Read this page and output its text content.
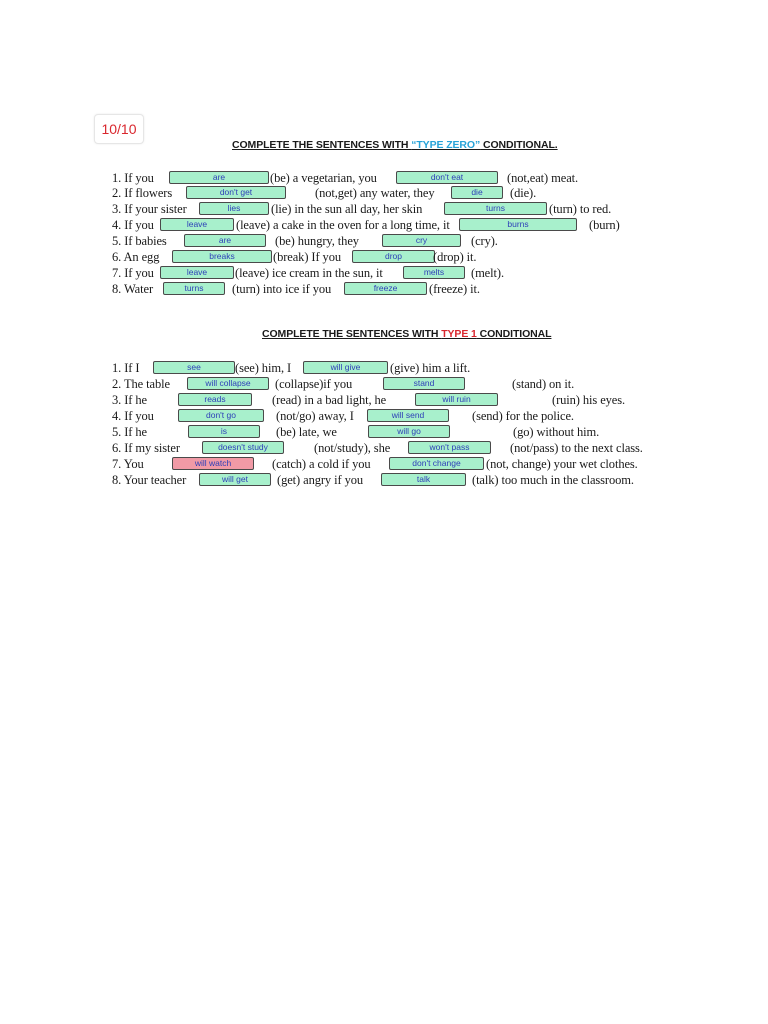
10/10
COMPLETE THE SENTENCES WITH “TYPE ZERO” CONDITIONAL.
COMPLETE THE SENTENCES WITH TYPE 1 CONDITIONAL
1. If you	are	(be) a vegetarian, you	don't eat	(not,eat) meat.
2. If flowers	don't get	(not,get) any water, they	die	(die).
3. If your sister	lies	(lie) in the sun all day, her skin	turns	(turn) to red.
4. If you	leave	(leave) a cake in the oven for a long time, it	burns	(burn)
5. If babies	are	(be) hungry, they	cry	(cry).
6. An egg	breaks	(break) If you	drop	(drop) it.
7. If you	leave	(leave) ice cream in the sun, it	melts	(melt).
8. Water	turns	(turn) into ice if you	freeze	(freeze) it.
1. If I	see	(see) him, I	will give	(give) him a lift.
2. The table	will collapse	(collapse)if you	stand	(stand) on it.
3. If he	reads	(read) in a bad light, he	will ruin	(ruin) his eyes.
4. If you	don't go	(not/go) away, I	will send	(send) for the police.
5. If he	is	(be) late, we	will go	(go) without him.
6. If my sister	doesn't study	(not/study), she	won't pass	(not/pass) to the next class.
7. You	will watch	(catch) a cold if you	don't change	(not, change) your wet clothes.
8. Your teacher	will get	(get) angry if you	talk	(talk) too much in the classroom.
